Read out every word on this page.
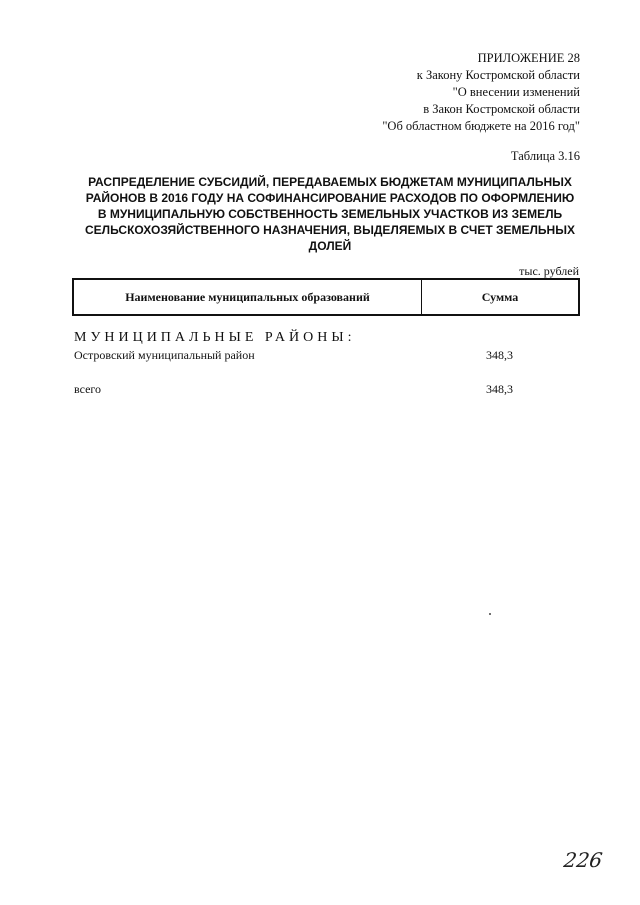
ПРИЛОЖЕНИЕ 28
к Закону Костромской области
"О внесении изменений
в Закон Костромской области
"Об областном бюджете на 2016 год"
Таблица 3.16
РАСПРЕДЕЛЕНИЕ СУБСИДИЙ, ПЕРЕДАВАЕМЫХ БЮДЖЕТАМ МУНИЦИПАЛЬНЫХ РАЙОНОВ В 2016 ГОДУ НА СОФИНАНСИРОВАНИЕ РАСХОДОВ ПО ОФОРМЛЕНИЮ В МУНИЦИПАЛЬНУЮ СОБСТВЕННОСТЬ ЗЕМЕЛЬНЫХ УЧАСТКОВ ИЗ ЗЕМЕЛЬ СЕЛЬСКОХОЗЯЙСТВЕННОГО НАЗНАЧЕНИЯ, ВЫДЕЛЯЕМЫХ В СЧЕТ ЗЕМЕЛЬНЫХ ДОЛЕЙ
тыс. рублей
Наименование муниципальных образований	Сумма
МУНИЦИПАЛЬНЫЕ РАЙОНЫ:
Островский муниципальный район	348,3
всего	348,3
226
